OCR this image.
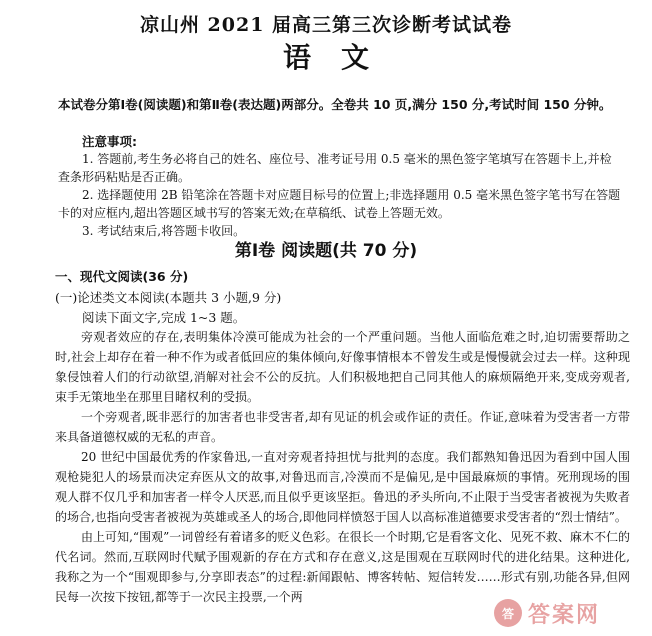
凉山州 2021 届高三第三次诊断考试试卷
语文
本试卷分第Ⅰ卷(阅读题)和第Ⅱ卷(表达题)两部分。全卷共 10 页,满分 150 分,考试时间 150 分钟。
注意事项:

1. 答题前,考生务必将自己的姓名、座位号、准考证号用 0.5 毫米的黑色签字笔填写在答题卡上,并检查条形码粘贴是否正确。

2. 选择题使用 2B 铅笔涂在答题卡对应题目标号的位置上;非选择题用 0.5 毫米黑色签字笔书写在答题卡的对应框内,超出答题区域书写的答案无效;在草稿纸、试卷上答题无效。

3. 考试结束后,将答题卡收回。

第Ⅰ卷 阅读题(共 70 分)
一、现代文阅读(36 分)
(一)论述类文本阅读(本题共 3 小题,9 分)
阅读下面文字,完成 1~3 题。

旁观者效应的存在,表明集体冷漠可能成为社会的一个严重问题。当他人面临危难之时,迫切需要帮助之时,社会上却存在着一种不作为或者低回应的集体倾向,好像事情根本不曾发生或是慢慢就会过去一样。这种现象侵蚀着人们的行动欲望,消解对社会不公的反抗。人们积极地把自己同其他人的麻烦隔绝开来,变成旁观者,束手无策地坐在那里目睹权利的受损。

一个旁观者,既非恶行的加害者也非受害者,却有见证的机会或作证的责任。作证,意味着为受害者一方带来具备道德权威的无私的声音。

20 世纪中国最优秀的作家鲁迅,一直对旁观者持担忧与批判的态度。我们都熟知鲁迅因为看到中国人围观枪毙犯人的场景而决定弃医从文的故事,对鲁迅而言,冷漠而不是偏见,是中国最麻烦的事情。死刑现场的围观人群不仅几乎和加害者一样令人厌恶,而且似乎更该坚拒。鲁迅的矛头所向,不止限于当受害者被视为失败者的场合,也指向受害者被视为英雄或圣人的场合,即他同样愤怒于国人以高标准道德要求受害者的“烈士情结”。

由上可知,“围观”一词曾经有着诸多的贬义色彩。在很长一个时期,它是看客文化、见死不救、麻木不仁的代名词。然而,互联网时代赋予围观新的存在方式和存在意义,这是围观在互联网时代的进化结果。这种进化,我称之为一个“围观即参与,分享即表态”的过程:新闻跟帖、博客转帖、短信转发……形式有别,功能各异,但网民每一次按下按钮,都等于一次民主投票,一个两

答 答案网
